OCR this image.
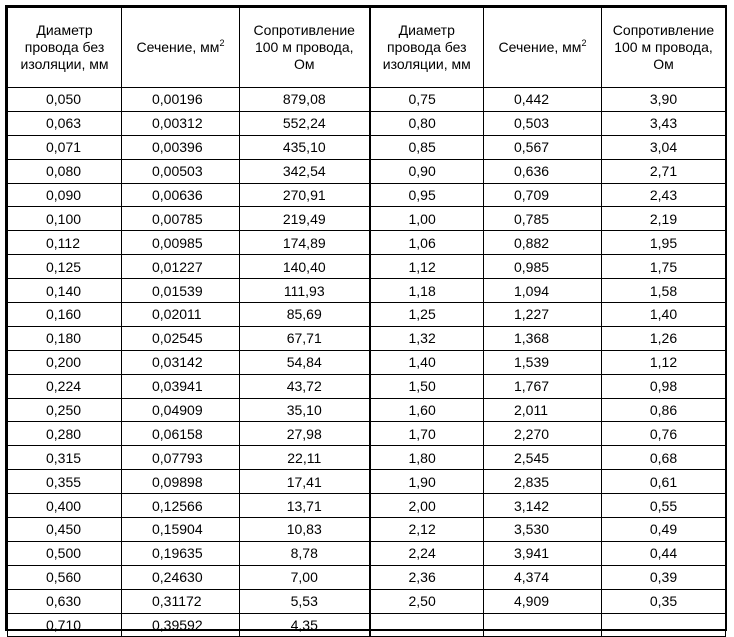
Диаметр
провода без
изоляции, мм	Сечение, $мм^2$	Сопротивление
100 м провода,
Ом	Диаметр
провода без
изоляции, мм	Сечение, $мм^2$	Сопротивление
100 м провода,
Ом
0,050	0,00196	879,08	0,75	0,442	3,90
0,063	0,00312	552,24	0,80	0,503	3,43
0,071	0,00396	435,10	0,85	0,567	3,04
0,080	0,00503	342,54	0,90	0,636	2,71
0,090	0,00636	270,91	0,95	0,709	2,43
0,100	0,00785	219,49	1,00	0,785	2,19
0,112	0,00985	174,89	1,06	0,882	1,95
0,125	0,01227	140,40	1,12	0,985	1,75
0,140	0,01539	111,93	1,18	1,094	1,58
0,160	0,02011	85,69	1,25	1,227	1,40
0,180	0,02545	67,71	1,32	1,368	1,26
0,200	0,03142	54,84	1,40	1,539	1,12
0,224	0,03941	43,72	1,50	1,767	0,98
0,250	0,04909	35,10	1,60	2,011	0,86
0,280	0,06158	27,98	1,70	2,270	0,76
0,315	0,07793	22,11	1,80	2,545	0,68
0,355	0,09898	17,41	1,90	2,835	0,61
0,400	0,12566	13,71	2,00	3,142	0,55
0,450	0,15904	10,83	2,12	3,530	0,49
0,500	0,19635	8,78	2,24	3,941	0,44
0,560	0,24630	7,00	2,36	4,374	0,39
0,630	0,31172	5,53	2,50	4,909	0,35
0,710	0,39592	4,35			
